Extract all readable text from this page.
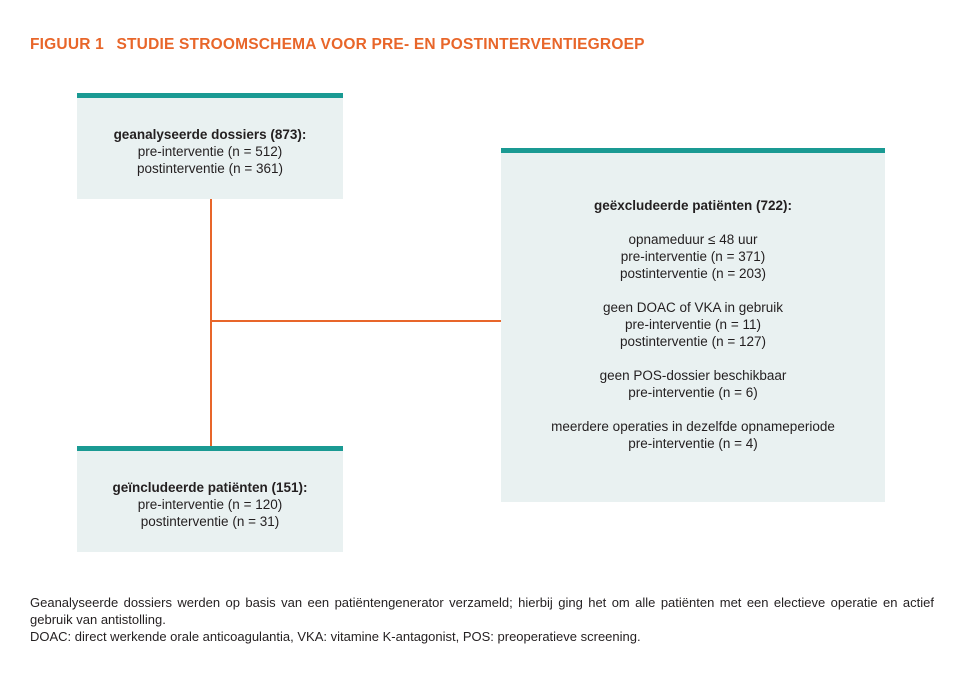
FIGUUR 1 STUDIE STROOMSCHEMA VOOR PRE- EN POSTINTERVENTIEGROEP
geanalyseerde dossiers (873):
pre-interventie (n = 512)
postinterventie (n = 361)
geëxcludeerde patiënten (722):
opnameduur ≤ 48 uur
pre-interventie (n = 371)
postinterventie (n = 203)
geen DOAC of VKA in gebruik
pre-interventie (n = 11)
postinterventie (n = 127)
geen POS-dossier beschikbaar
pre-interventie (n = 6)
meerdere operaties in dezelfde opnameperiode
pre-interventie (n = 4)
geïncludeerde patiënten (151):
pre-interventie (n = 120)
postinterventie (n = 31)
Geanalyseerde dossiers werden op basis van een patiëntengenerator verzameld; hierbij ging het om alle patiënten met een electieve operatie en actief gebruik van antistolling.
DOAC: direct werkende orale anticoagulantia, VKA: vitamine K-antagonist, POS: preoperatieve screening.
